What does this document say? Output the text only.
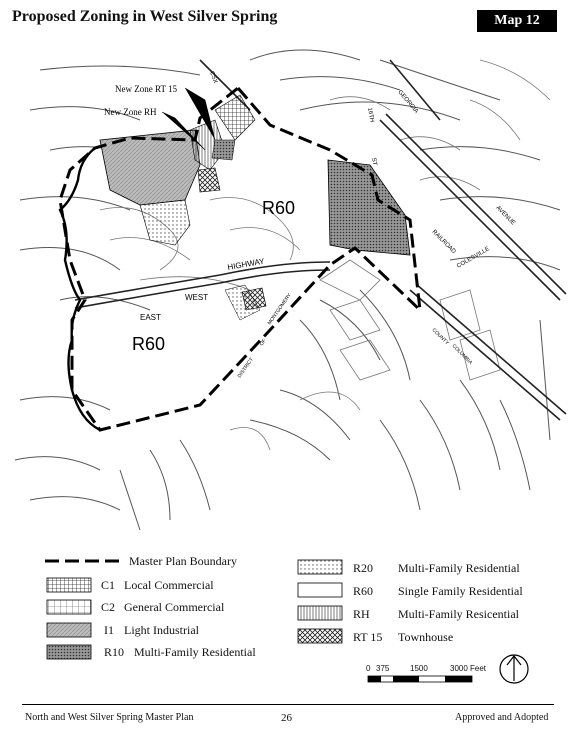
Proposed Zoning in West Silver Spring	Map 12
R60
R60
New Zone RT 15
New Zone RH
EAST
WEST
HIGHWAY
GEORGIA
16TH
ST
AVENUE
RAILROAD
COLESVILLE
COUNTY
COLUMBIA
DISTRICT
OF
MONTGOMERY
CSX
Master Plan Boundary
C1 Local Commercial
C2 General Commercial
I1 Light Industrial
R10 Multi-Family Residential
R20 Multi-Family Residential
R60 Single Family Residential
RH Multi-Family Resicential
RT 15 Townhouse
0 375	1500	3000 Feet
North and West Silver Spring Master Plan	26	Approved and Adopted
